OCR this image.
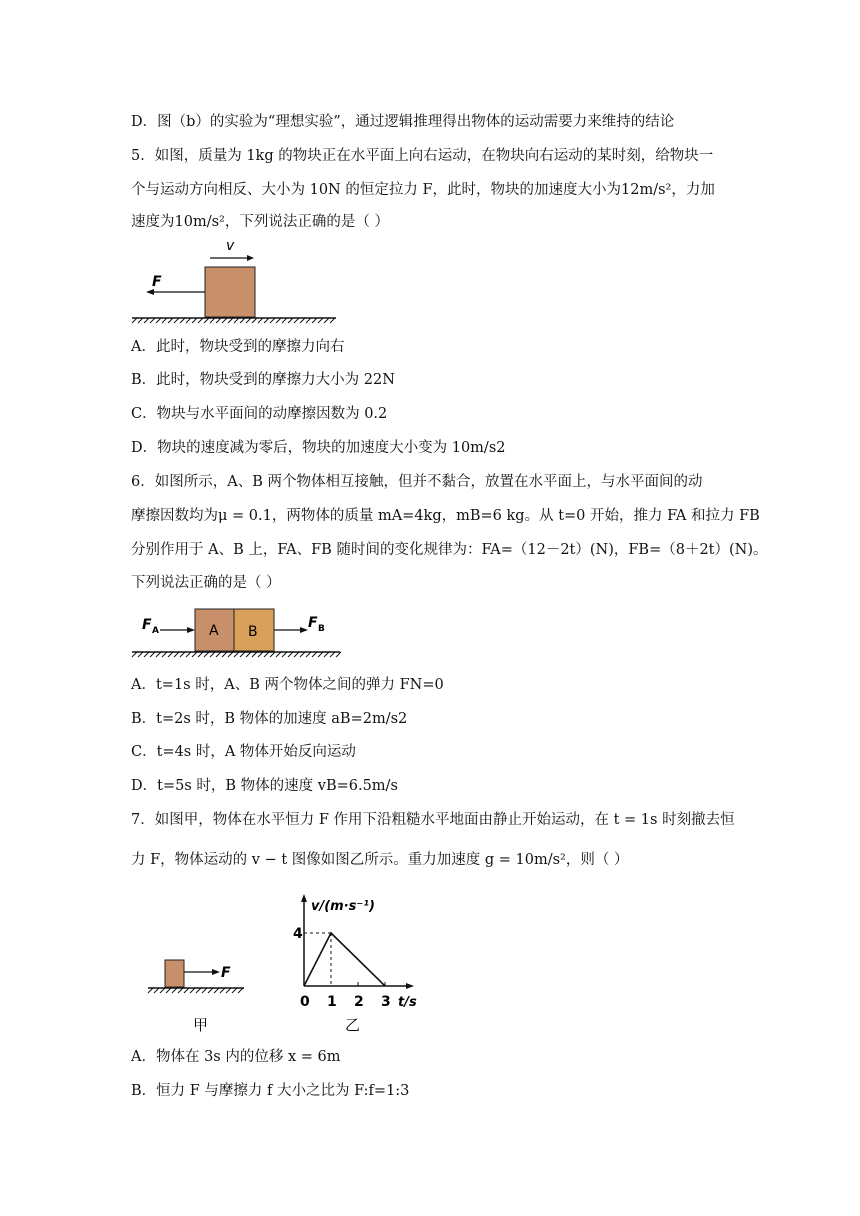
D．图（b）的实验为“理想实验”，通过逻辑推理得出物体的运动需要力来维持的结论
5．如图，质量为 1kg 的物块正在水平面上向右运动，在物块向右运动的某时刻，给物块一
个与运动方向相反、大小为 10N 的恒定拉力 F，此时，物块的加速度大小为12m/s²，力加
速度为10m/s²，下列说法正确的是（ ）
v
F
A．此时，物块受到的摩擦力向右
B．此时，物块受到的摩擦力大小为 22N
C．物块与水平面间的动摩擦因数为 0.2
D．物块的速度减为零后，物块的加速度大小变为 10m/s2
6．如图所示，A、B 两个物体相互接触，但并不黏合，放置在水平面上，与水平面间的动
摩擦因数均为μ = 0.1，两物体的质量 mA=4kg，mB=6 kg。从 t=0 开始，推力 FA 和拉力 FB
分别作用于 A、B 上，FA、FB 随时间的变化规律为：FA=（12－2t）(N)，FB=（8＋2t）(N)。
下列说法正确的是（ ）
F A	A B
F B
A．t=1s 时，A、B 两个物体之间的弹力 FN=0
B．t=2s 时，B 物体的加速度 aB=2m/s2
C．t=4s 时，A 物体开始反向运动
D．t=5s 时，B 物体的速度 vB=6.5m/s
7．如图甲，物体在水平恒力 F 作用下沿粗糙水平地面由静止开始运动，在 t = 1s 时刻撤去恒
力 F，物体运动的 v − t 图像如图乙所示。重力加速度 g = 10m/s²，则（ ）
F
甲
v/(m·s⁻¹)
t/s
4
0 1 2 3
乙
A．物体在 3s 内的位移 x = 6m
B．恒力 F 与摩擦力 f 大小之比为 F:f=1:3
